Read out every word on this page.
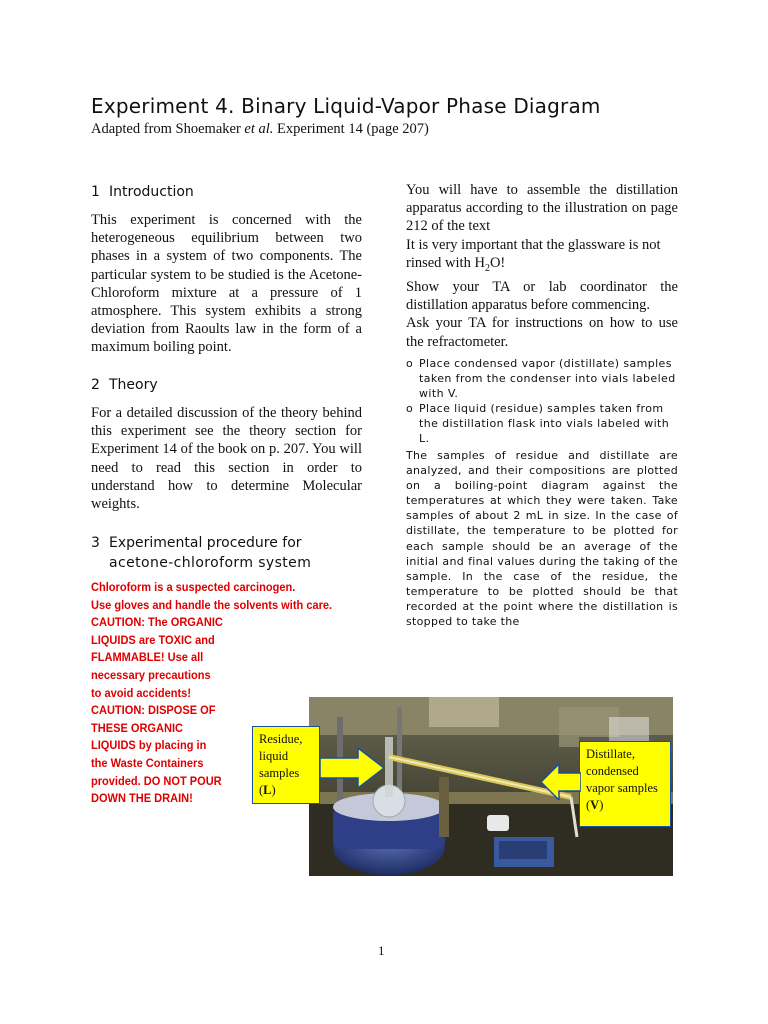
Experiment 4. Binary Liquid-Vapor Phase Diagram
Adapted from Shoemaker et al. Experiment 14 (page 207)
1 Introduction
This experiment is concerned with the heterogeneous equilibrium between two phases in a system of two components. The particular system to be studied is the Acetone-Chloroform mixture at a pressure of 1 atmosphere. This system exhibits a strong deviation from Raoults law in the form of a maximum boiling point.
2 Theory
For a detailed discussion of the theory behind this experiment see the theory section for Experiment 14 of the book on p. 207. You will need to read this section in order to understand how to determine Molecular weights.
3 Experimental procedure for
acetone-chloroform system
Chloroform is a suspected carcinogen.
Use gloves and handle the solvents with care.
CAUTION: The ORGANIC
LIQUIDS are TOXIC and
FLAMMABLE! Use all
necessary precautions
to avoid accidents!
CAUTION: DISPOSE OF
THESE ORGANIC
LIQUIDS by placing in
the Waste Containers
provided. DO NOT POUR
DOWN THE DRAIN!

You will have to assemble the distillation apparatus according to the illustration on page 212 of the text

It is very important that the glassware is not rinsed with $H_2O$!

Show your TA or lab coordinator the distillation apparatus before commencing.

Ask your TA for instructions on how to use the refractometer.

o Place condensed vapor (distillate) samples taken from the condenser into vials labeled with V.
o Place liquid (residue) samples taken from the distillation flask into vials labeled with L.
The samples of residue and distillate are analyzed, and their compositions are plotted on a boiling-point diagram against the temperatures at which they were taken. Take samples of about 2 mL in size. In the case of distillate, the temperature to be plotted for each sample should be an average of the initial and final values during the taking of the sample. In the case of the residue, the temperature to be plotted should be that recorded at the point where the distillation is stopped to take the
Residue,
liquid
samples
(L)
Distillate,
condensed
vapor samples
(V)
1
